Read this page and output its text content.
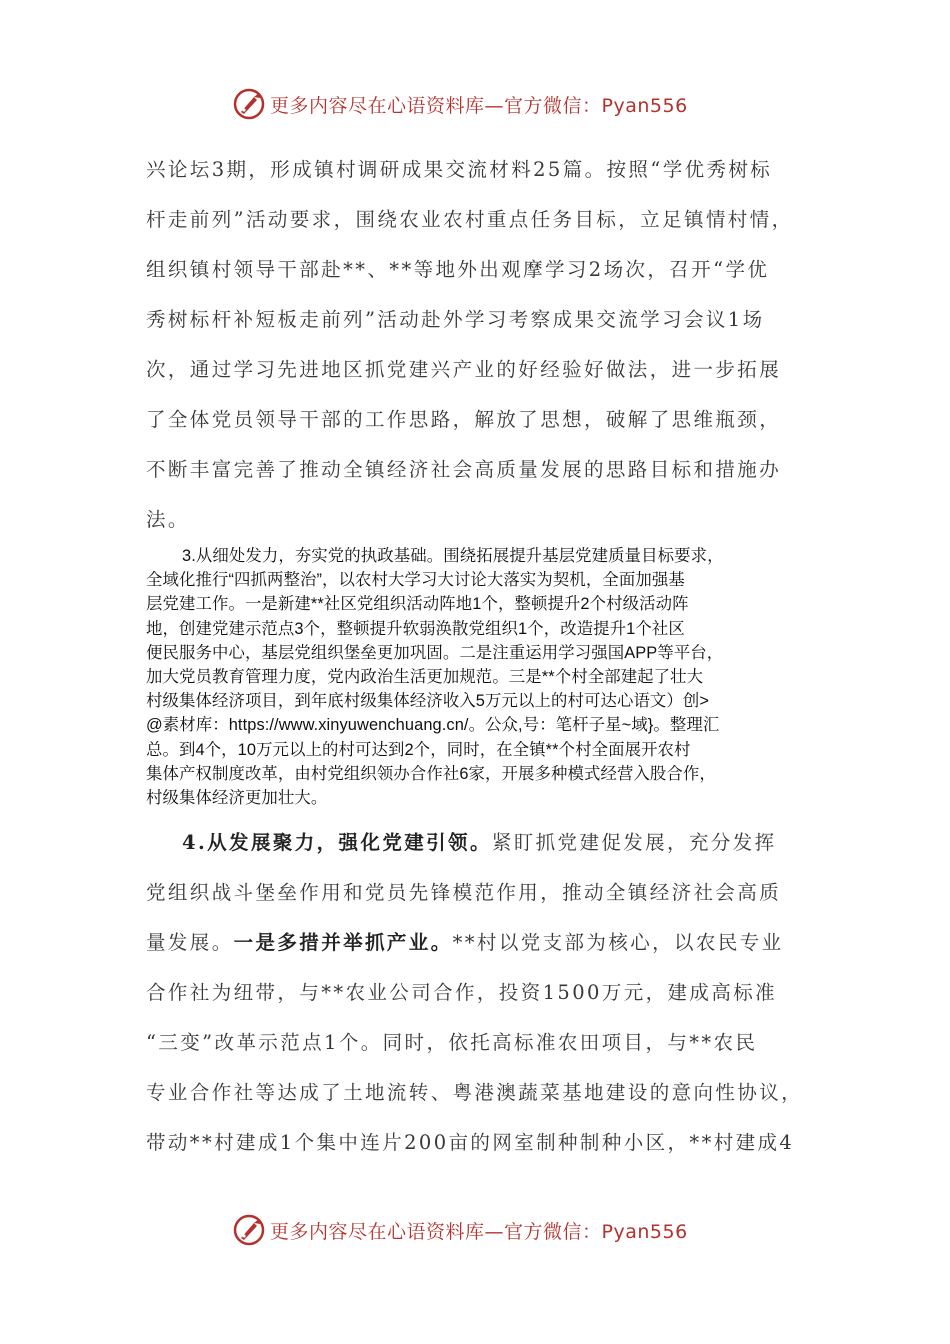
更多内容尽在心语资料库—官方微信：Pyan556
兴论坛3期，形成镇村调研成果交流材料25篇。按照“学优秀树标
杆走前列”活动要求，围绕农业农村重点任务目标，立足镇情村情，
组织镇村领导干部赴**、**等地外出观摩学习2场次，召开“学优
秀树标杆补短板走前列”活动赴外学习考察成果交流学习会议1场
次，通过学习先进地区抓党建兴产业的好经验好做法，进一步拓展
了全体党员领导干部的工作思路，解放了思想，破解了思维瓶颈，
不断丰富完善了推动全镇经济社会高质量发展的思路目标和措施办
法。
3.从细处发力，夯实党的执政基础。围绕拓展提升基层党建质量目标要求，
全域化推行“四抓两整治”，以农村大学习大讨论大落实为契机，全面加强基
层党建工作。一是新建**社区党组织活动阵地1个，整顿提升2个村级活动阵
地，创建党建示范点3个，整顿提升软弱涣散党组织1个，改造提升1个社区
便民服务中心，基层党组织堡垒更加巩固。二是注重运用学习强国APP等平台，
加大党员教育管理力度，党内政治生活更加规范。三是**个村全部建起了壮大
村级集体经济项目，到年底村级集体经济收入5万元以上的村可达心语文）创>
@素材库：https://www.xinyuwenchuang.cn/。公众,号：笔杆子星~域}。整理汇
总。到4个，10万元以上的村可达到2个，同时，在全镇**个村全面展开农村
集体产权制度改革，由村党组织领办合作社6家，开展多种模式经营入股合作，
村级集体经济更加壮大。
4.从发展聚力，强化党建引领。紧盯抓党建促发展，充分发挥
党组织战斗堡垒作用和党员先锋模范作用，推动全镇经济社会高质
量发展。一是多措并举抓产业。**村以党支部为核心，以农民专业
合作社为纽带，与**农业公司合作，投资1500万元，建成高标准
“三变”改革示范点1个。同时，依托高标准农田项目，与**农民
专业合作社等达成了土地流转、粤港澳蔬菜基地建设的意向性协议，
带动**村建成1个集中连片200亩的网室制种制种小区，**村建成4
更多内容尽在心语资料库—官方微信：Pyan556
